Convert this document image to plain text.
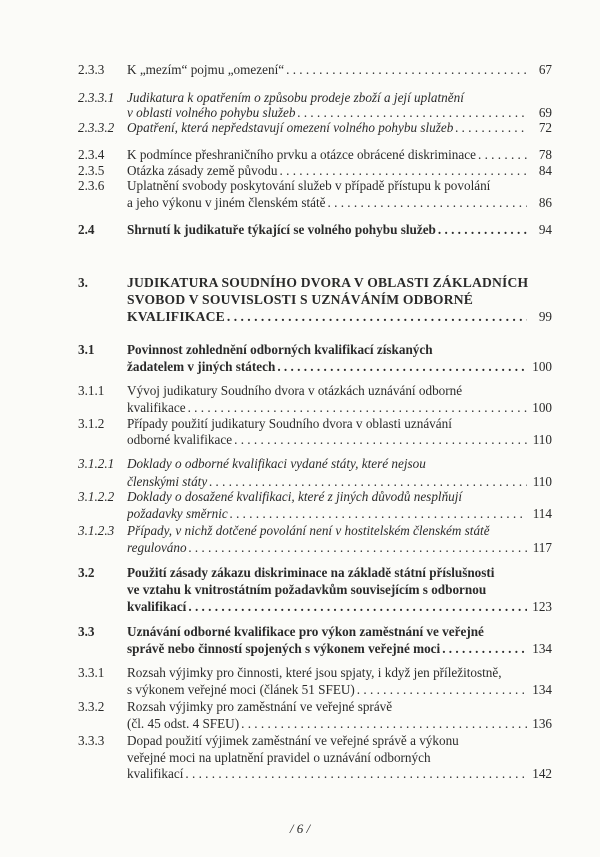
2.3.3 K „mezím“ pojmu „omezení“ . . .	67
2.3.3.1 Judikatura k opatřením o způsobu prodeje zboží a její uplatnění
v oblasti volného pohybu služeb . . .	69
2.3.3.2 Opatření, která nepředstavují omezení volného pohybu služeb . . .	72
2.3.4 K podmínce přeshraničního prvku a otázce obrácené diskriminace . . .	78
2.3.5 Otázka zásady země původu . . .	84
2.3.6 Uplatnění svobody poskytování služeb v případě přístupu k povolání
a jeho výkonu v jiném členském státě . . .	86
2.4 Shrnutí k judikatuře týkající se volného pohybu služeb . . .	94
3.	JUDIKATURA SOUDNÍHO DVORA V OBLASTI ZÁKLADNÍCH
SVOBOD V SOUVISLOSTI S UZNÁVÁNÍM ODBORNÉ
KVALIFIKACE . . .	99
3.1 Povinnost zohlednění odborných kvalifikací získaných
žadatelem v jiných státech . . .	100
3.1.1 Vývoj judikatury Soudního dvora v otázkách uznávání odborné
kvalifikace . . .	100
3.1.2 Případy použití judikatury Soudního dvora v oblasti uznávání
odborné kvalifikace . . .	110
3.1.2.1 Doklady o odborné kvalifikaci vydané státy, které nejsou
členskými státy . . .	110
3.1.2.2 Doklady o dosažené kvalifikaci, které z jiných důvodů nesplňují
požadavky směrnic . . .	114
3.1.2.3 Případy, v nichž dotčené povolání není v hostitelském členském státě
regulováno . . .	117
3.2 Použití zásady zákazu diskriminace na základě státní příslušnosti
ve vztahu k vnitrostátním požadavkům souvisejícím s odbornou
kvalifikací . . .	123
3.3 Uznávání odborné kvalifikace pro výkon zaměstnání ve veřejné
správě nebo činností spojených s výkonem veřejné moci . . .	134
3.3.1 Rozsah výjimky pro činnosti, které jsou spjaty, i když jen příležitostně,
s výkonem veřejné moci (článek 51 SFEU) . . .	134
3.3.2 Rozsah výjimky pro zaměstnání ve veřejné správě
(čl. 45 odst. 4 SFEU) . . .	136
3.3.3 Dopad použití výjimek zaměstnání ve veřejné správě a výkonu
veřejné moci na uplatnění pravidel o uznávání odborných
kvalifikací . . .	142
/ 6 /
